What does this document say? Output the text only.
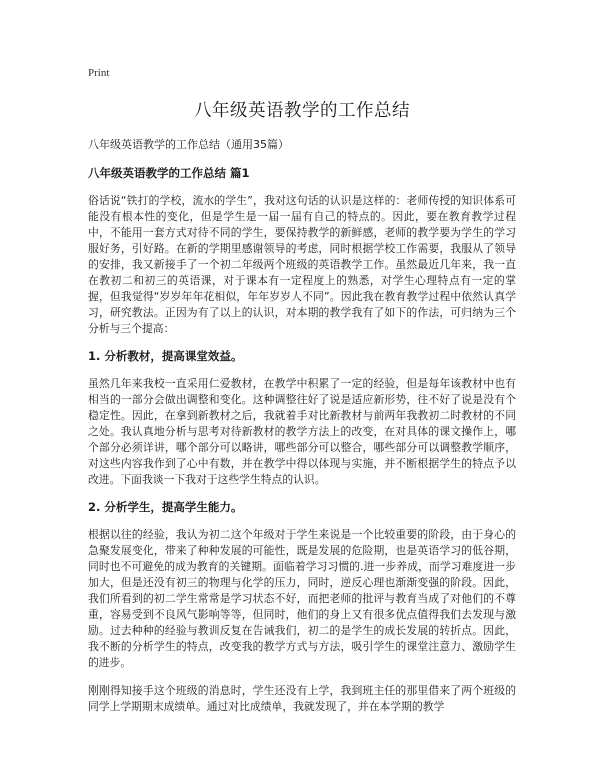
Print
八年级英语教学的工作总结
八年级英语教学的工作总结（通用35篇）
八年级英语教学的工作总结 篇1

俗话说“铁打的学校，流水的学生”，我对这句话的认识是这样的：老师传授的知识体系可能没有根本性的变化，但是学生是一届一届有自己的特点的。因此，要在教育教学过程中，不能用一套方式对待不同的学生，要保持教学的新鲜感，老师的教学要为学生的学习服好务，引好路。在新的学期里感谢领导的考虑，同时根据学校工作需要，我服从了领导的安排，我又新接手了一个初二年级两个班级的英语教学工作。虽然最近几年来，我一直在教初二和初三的英语课，对于课本有一定程度上的熟悉，对学生心理特点有一定的掌握，但我觉得“岁岁年年花相似，年年岁岁人不同”。因此我在教育教学过程中依然认真学习，研究教法。正因为有了以上的认识，对本期的教学我有了如下的作法，可归纳为三个分析与三个提高：

1. 分析教材，提高课堂效益。

虽然几年来我校一直采用仁爱教材，在教学中积累了一定的经验，但是每年该教材中也有相当的一部分会做出调整和变化。这种调整往好了说是适应新形势，往不好了说是没有个稳定性。因此，在拿到新教材之后，我就着手对比新教材与前两年我教初二时教材的不同之处。我认真地分析与思考对待新教材的教学方法上的改变，在对具体的课文操作上，哪个部分必须详讲，哪个部分可以略讲，哪些部分可以整合，哪些部分可以调整教学顺序，对这些内容我作到了心中有数，并在教学中得以体现与实施，并不断根据学生的特点予以改进。下面我谈一下我对于这些学生特点的认识。

2. 分析学生，提高学生能力。

根据以往的经验，我认为初二这个年级对于学生来说是一个比较重要的阶段，由于身心的急聚发展变化，带来了种种发展的可能性，既是发展的危险期，也是英语学习的低谷期，同时也不可避免的成为教育的关键期。面临着学习习惯的.进一步养成，而学习难度进一步加大，但是还没有初三的物理与化学的压力，同时，逆反心理也渐渐变强的阶段。因此，我们所看到的初二学生常常是学习状态不好，而把老师的批评与教育当成了对他们的不尊重，容易受到不良风气影响等等，但同时，他们的身上又有很多优点值得我们去发现与激励。过去种种的经验与教训反复在告诫我们，初二的是学生的成长发展的转折点。因此，我不断的分析学生的特点，改变我的教学方式与方法，吸引学生的课堂注意力、激励学生的进步。

刚刚得知接手这个班级的消息时，学生还没有上学，我到班主任的那里借来了两个班级的同学上学期期末成绩单。通过对比成绩单，我就发现了，并在本学期的教学
